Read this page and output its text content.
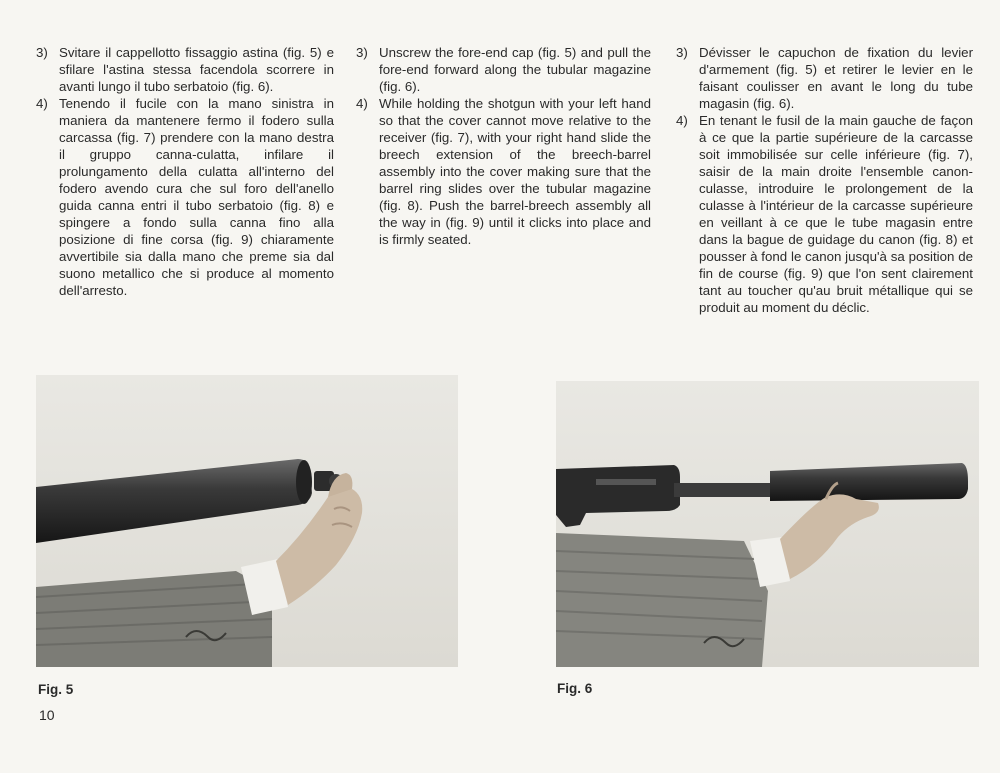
3) Svitare il cappellotto fissaggio astina (fig. 5) e sfilare l'astina stessa facendola scorrere in avanti lungo il tubo serbatoio (fig. 6).
4) Tenendo il fucile con la mano sinistra in maniera da mantenere fermo il fodero sulla carcassa (fig. 7) prendere con la mano destra il gruppo canna-culatta, infilare il prolungamento della culatta all'interno del fodero avendo cura che sul foro dell'anello guida canna entri il tubo serbatoio (fig. 8) e spingere a fondo sulla canna fino alla posizione di fine corsa (fig. 9) chiaramente avvertibile sia dalla mano che preme sia dal suono metallico che si produce al momento dell'arresto.
3) Unscrew the fore-end cap (fig. 5) and pull the fore-end forward along the tubular magazine (fig. 6).
4) While holding the shotgun with your left hand so that the cover cannot move relative to the receiver (fig. 7), with your right hand slide the breech extension of the breech-barrel assembly into the cover making sure that the barrel ring slides over the tubular magazine (fig. 8). Push the barrel-breech assembly all the way in (fig. 9) until it clicks into place and is firmly seated.
3) Dévisser le capuchon de fixation du levier d'armement (fig. 5) et retirer le levier en le faisant coulisser en avant le long du tube magasin (fig. 6).
4) En tenant le fusil de la main gauche de façon à ce que la partie supérieure de la carcasse soit immobilisée sur celle inférieure (fig. 7), saisir de la main droite l'ensemble canon-culasse, introduire le prolongement de la culasse à l'intérieur de la carcasse supérieure en veillant à ce que le tube magasin entre dans la bague de guidage du canon (fig. 8) et pousser à fond le canon jusqu'à sa position de fin de course (fig. 9) que l'on sent clairement tant au toucher qu'au bruit métallique qui se produit au moment du déclic.
Fig. 5	Fig. 6
10
